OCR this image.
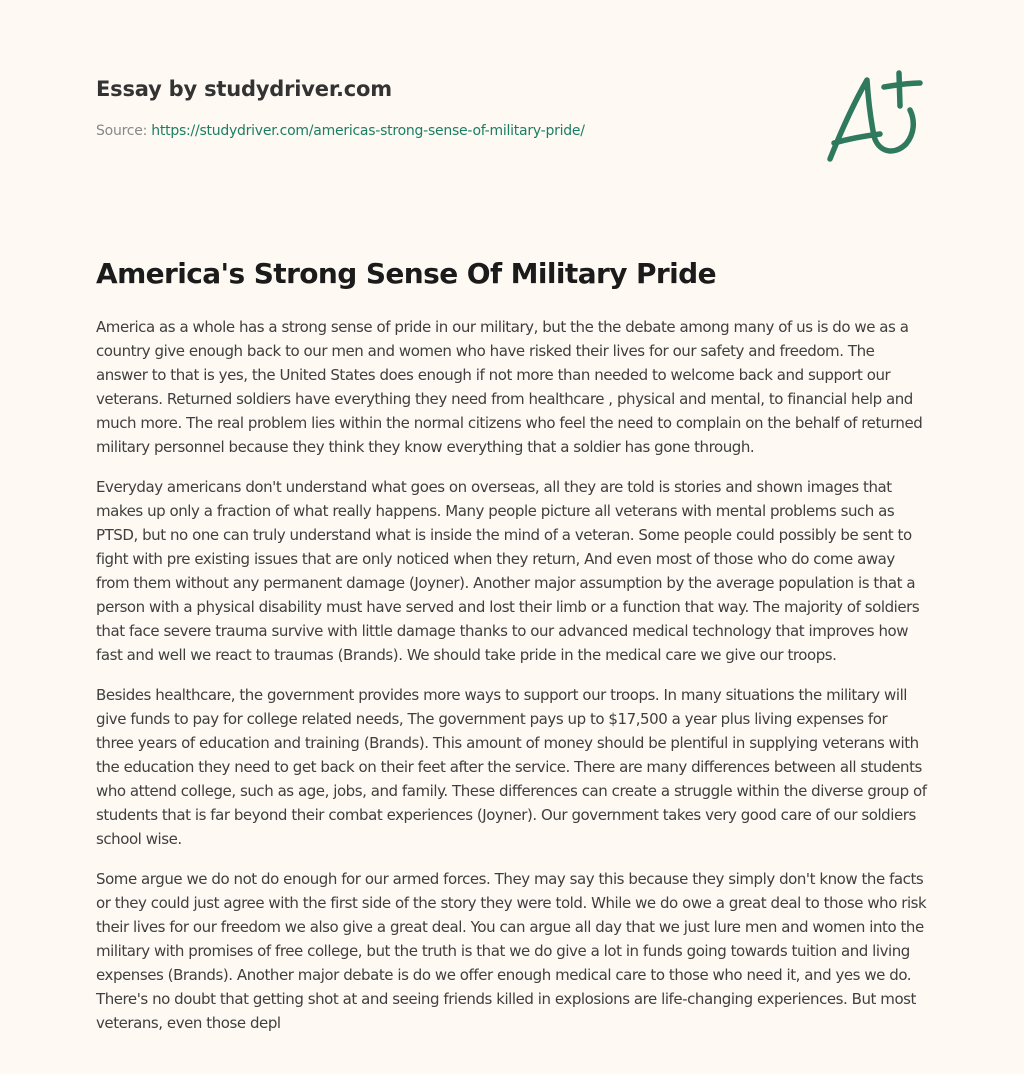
Essay by studydriver.com
Source: https://studydriver.com/americas-strong-sense-of-military-pride/
America's Strong Sense Of Military Pride

America as a whole has a strong sense of pride in our military, but the the debate among many of us is do we as a country give enough back to our men and women who have risked their lives for our safety and freedom. The answer to that is yes, the United States does enough if not more than needed to welcome back and support our veterans. Returned soldiers have everything they need from healthcare , physical and mental, to financial help and much more. The real problem lies within the normal citizens who feel the need to complain on the behalf of returned military personnel because they think they know everything that a soldier has gone through.

Everyday americans don't understand what goes on overseas, all they are told is stories and shown images that makes up only a fraction of what really happens. Many people picture all veterans with mental problems such as PTSD, but no one can truly understand what is inside the mind of a veteran. Some people could possibly be sent to fight with pre existing issues that are only noticed when they return, And even most of those who do come away from them without any permanent damage (Joyner). Another major assumption by the average population is that a person with a physical disability must have served and lost their limb or a function that way. The majority of soldiers that face severe trauma survive with little damage thanks to our advanced medical technology that improves how fast and well we react to traumas (Brands). We should take pride in the medical care we give our troops.

Besides healthcare, the government provides more ways to support our troops. In many situations the military will give funds to pay for college related needs, The government pays up to $17,500 a year plus living expenses for three years of education and training (Brands). This amount of money should be plentiful in supplying veterans with the education they need to get back on their feet after the service. There are many differences between all students who attend college, such as age, jobs, and family. These differences can create a struggle within the diverse group of students that is far beyond their combat experiences (Joyner). Our government takes very good care of our soldiers school wise.

Some argue we do not do enough for our armed forces. They may say this because they simply don't know the facts or they could just agree with the first side of the story they were told. While we do owe a great deal to those who risk their lives for our freedom we also give a great deal. You can argue all day that we just lure men and women into the military with promises of free college, but the truth is that we do give a lot in funds going towards tuition and living expenses (Brands). Another major debate is do we offer enough medical care to those who need it, and yes we do. There's no doubt that getting shot at and seeing friends killed in explosions are life-changing experiences. But most veterans, even those depl
